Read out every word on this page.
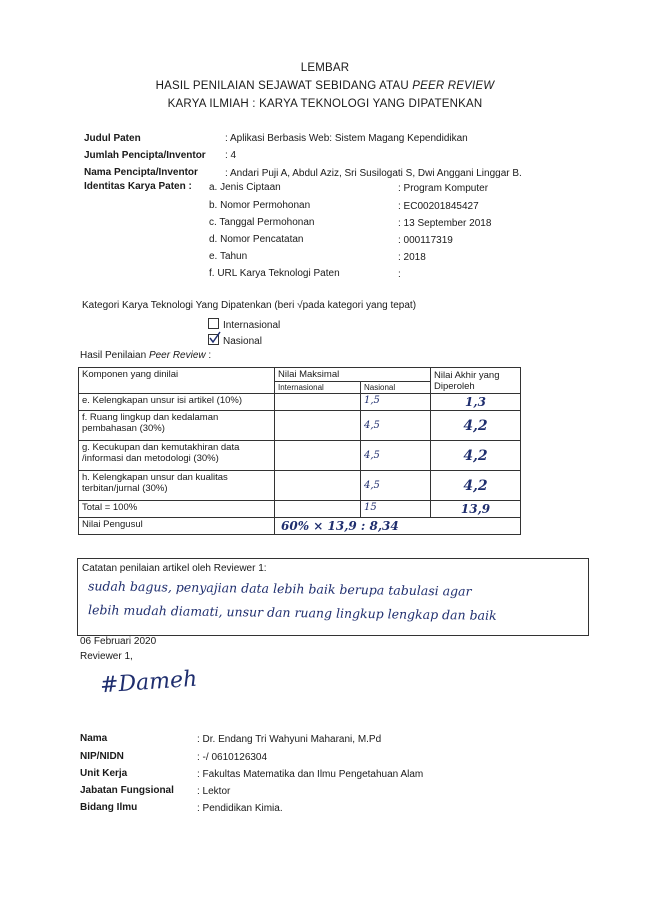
LEMBAR
HASIL PENILAIAN SEJAWAT SEBIDANG ATAU PEER REVIEW
KARYA ILMIAH : KARYA TEKNOLOGI YANG DIPATENKAN
Judul Paten	: Aplikasi Berbasis Web: Sistem Magang Kependidikan
Jumlah Pencipta/Inventor : 4
Nama Pencipta/Inventor	: Andari Puji A, Abdul Aziz, Sri Susilogati S, Dwi Anggani Linggar B.
Identitas Karya Paten : a. Jenis Ciptaan	: Program Komputer
b. Nomor Permohonan	: EC00201845427
c. Tanggal Permohonan	: 13 September 2018
d. Nomor Pencatatan	: 000117319
e. Tahun	: 2018
f. URL Karya Teknologi Paten	:
Kategori Karya Teknologi Yang Dipatenkan (beri √pada kategori yang tepat)
Internasional
Nasional
Hasil Penilaian Peer Review :
Komponen yang dinilai	Nilai Maksimal		Nilai Akhir yang Diperoleh
	Internasional	Nasional	
e. Kelengkapan unsur isi artikel (10%)		1,5	1,3
f. Ruang lingkup dan kedalaman pembahasan (30%)		4,5	4,2
g. Kecukupan dan kemutakhiran data /informasi dan metodologi (30%)		4,5	4,2
h. Kelengkapan unsur dan kualitas terbitan/jurnal (30%)		4,5	4,2
Total = 100%		15	13,9
Nilai Pengusul	60% × 13,9 : 8,34		
Catatan penilaian artikel oleh Reviewer 1:
sudah bagus, penyajian data lebih baik berupa tabulasi agar
lebih mudah diamati, unsur dan ruang lingkup lengkap dan baik
06 Februari 2020
Reviewer 1,
#Dameh
Nama	: Dr. Endang Tri Wahyuni Maharani, M.Pd
NIP/NIDN	: -/ 0610126304
Unit Kerja	: Fakultas Matematika dan Ilmu Pengetahuan Alam
Jabatan Fungsional : Lektor
Bidang Ilmu	: Pendidikan Kimia.
